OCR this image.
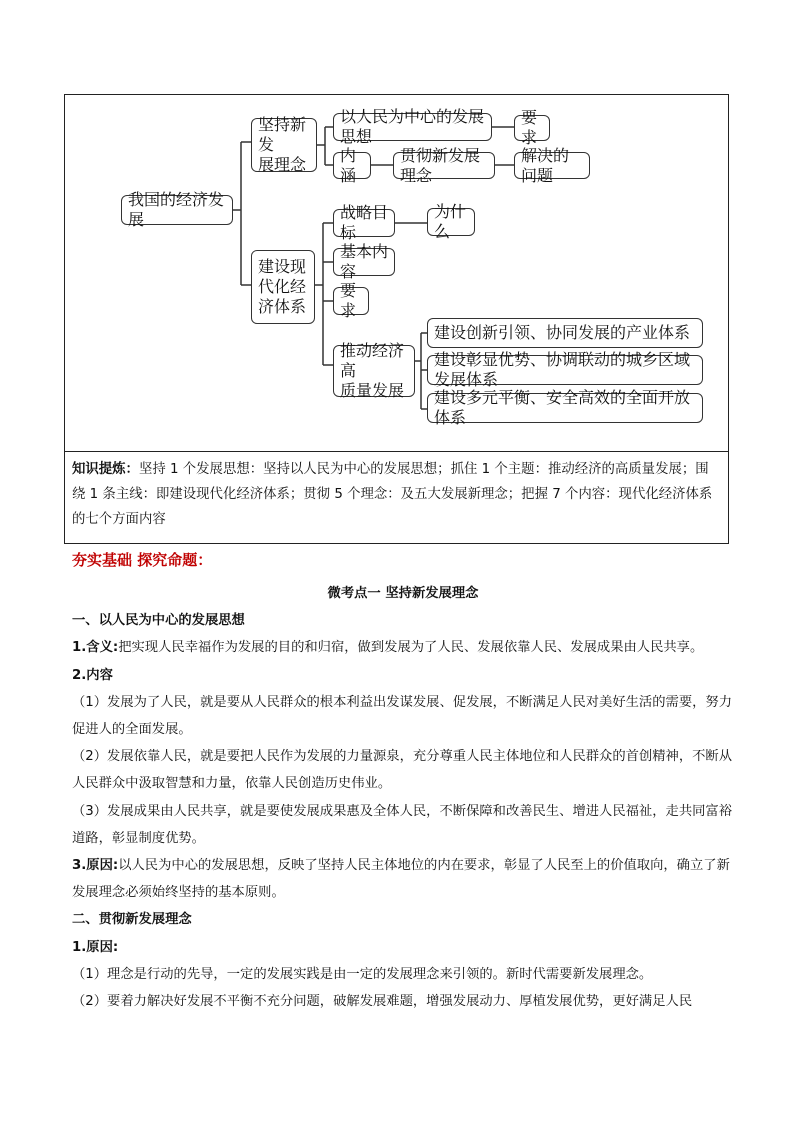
我国的经济发展
坚持新发
展理念
以人民为中心的发展思想
要求
内涵
贯彻新发展理念
解决的问题
建设现
代化经
济体系
战略目标
为什么
基本内容
要求
推动经济高
质量发展
建设创新引领、协同发展的产业体系
建设彰显优势、协调联动的城乡区域发展体系
建设多元平衡、安全高效的全面开放体系
知识提炼：坚持 1 个发展思想：坚持以人民为中心的发展思想；抓住 1 个主题：推动经济的高质量发展；围绕 1 条主线：即建设现代化经济体系；贯彻 5 个理念：及五大发展新理念；把握 7 个内容：现代化经济体系的七个方面内容
夯实基础 探究命题：

微考点一 坚持新发展理念

一、以人民为中心的发展思想

1.含义:把实现人民幸福作为发展的目的和归宿，做到发展为了人民、发展依靠人民、发展成果由人民共享。

2.内容

（1）发展为了人民，就是要从人民群众的根本利益出发谋发展、促发展，不断满足人民对美好生活的需要，努力促进人的全面发展。

（2）发展依靠人民，就是要把人民作为发展的力量源泉，充分尊重人民主体地位和人民群众的首创精神，不断从人民群众中汲取智慧和力量，依靠人民创造历史伟业。

（3）发展成果由人民共享，就是要使发展成果惠及全体人民，不断保障和改善民生、增进人民福祉，走共同富裕道路，彰显制度优势。

3.原因:以人民为中心的发展思想，反映了坚持人民主体地位的内在要求，彰显了人民至上的价值取向，确立了新发展理念必须始终坚持的基本原则。

二、贯彻新发展理念

1.原因:

（1）理念是行动的先导，一定的发展实践是由一定的发展理念来引领的。新时代需要新发展理念。

（2）要着力解决好发展不平衡不充分问题，破解发展难题，增强发展动力、厚植发展优势，更好满足人民
